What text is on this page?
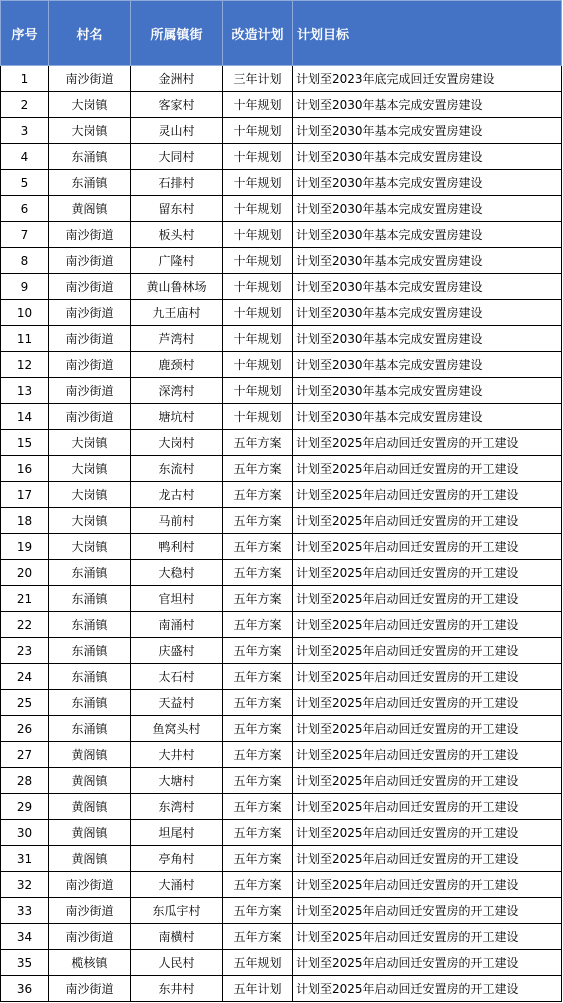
序号	村名	所属镇街	改造计划	计划目标
1	南沙街道	金洲村	三年计划	计划至2023年底完成回迁安置房建设
2	大岗镇	客家村	十年规划	计划至2030年基本完成安置房建设
3	大岗镇	灵山村	十年规划	计划至2030年基本完成安置房建设
4	东涌镇	大同村	十年规划	计划至2030年基本完成安置房建设
5	东涌镇	石排村	十年规划	计划至2030年基本完成安置房建设
6	黄阁镇	留东村	十年规划	计划至2030年基本完成安置房建设
7	南沙街道	板头村	十年规划	计划至2030年基本完成安置房建设
8	南沙街道	广隆村	十年规划	计划至2030年基本完成安置房建设
9	南沙街道	黄山鲁林场	十年规划	计划至2030年基本完成安置房建设
10	南沙街道	九王庙村	十年规划	计划至2030年基本完成安置房建设
11	南沙街道	芦湾村	十年规划	计划至2030年基本完成安置房建设
12	南沙街道	鹿颈村	十年规划	计划至2030年基本完成安置房建设
13	南沙街道	深湾村	十年规划	计划至2030年基本完成安置房建设
14	南沙街道	塘坑村	十年规划	计划至2030年基本完成安置房建设
15	大岗镇	大岗村	五年方案	计划至2025年启动回迁安置房的开工建设
16	大岗镇	东流村	五年方案	计划至2025年启动回迁安置房的开工建设
17	大岗镇	龙古村	五年方案	计划至2025年启动回迁安置房的开工建设
18	大岗镇	马前村	五年方案	计划至2025年启动回迁安置房的开工建设
19	大岗镇	鸭利村	五年方案	计划至2025年启动回迁安置房的开工建设
20	东涌镇	大稳村	五年方案	计划至2025年启动回迁安置房的开工建设
21	东涌镇	官坦村	五年方案	计划至2025年启动回迁安置房的开工建设
22	东涌镇	南涌村	五年方案	计划至2025年启动回迁安置房的开工建设
23	东涌镇	庆盛村	五年方案	计划至2025年启动回迁安置房的开工建设
24	东涌镇	太石村	五年方案	计划至2025年启动回迁安置房的开工建设
25	东涌镇	天益村	五年方案	计划至2025年启动回迁安置房的开工建设
26	东涌镇	鱼窝头村	五年方案	计划至2025年启动回迁安置房的开工建设
27	黄阁镇	大井村	五年方案	计划至2025年启动回迁安置房的开工建设
28	黄阁镇	大塘村	五年方案	计划至2025年启动回迁安置房的开工建设
29	黄阁镇	东湾村	五年方案	计划至2025年启动回迁安置房的开工建设
30	黄阁镇	坦尾村	五年方案	计划至2025年启动回迁安置房的开工建设
31	黄阁镇	亭角村	五年方案	计划至2025年启动回迁安置房的开工建设
32	南沙街道	大涌村	五年方案	计划至2025年启动回迁安置房的开工建设
33	南沙街道	东瓜宇村	五年方案	计划至2025年启动回迁安置房的开工建设
34	南沙街道	南横村	五年方案	计划至2025年启动回迁安置房的开工建设
35	榄核镇	人民村	五年规划	计划至2025年启动回迁安置房的开工建设
36	南沙街道	东井村	五年计划	计划至2025年启动回迁安置房的开工建设
